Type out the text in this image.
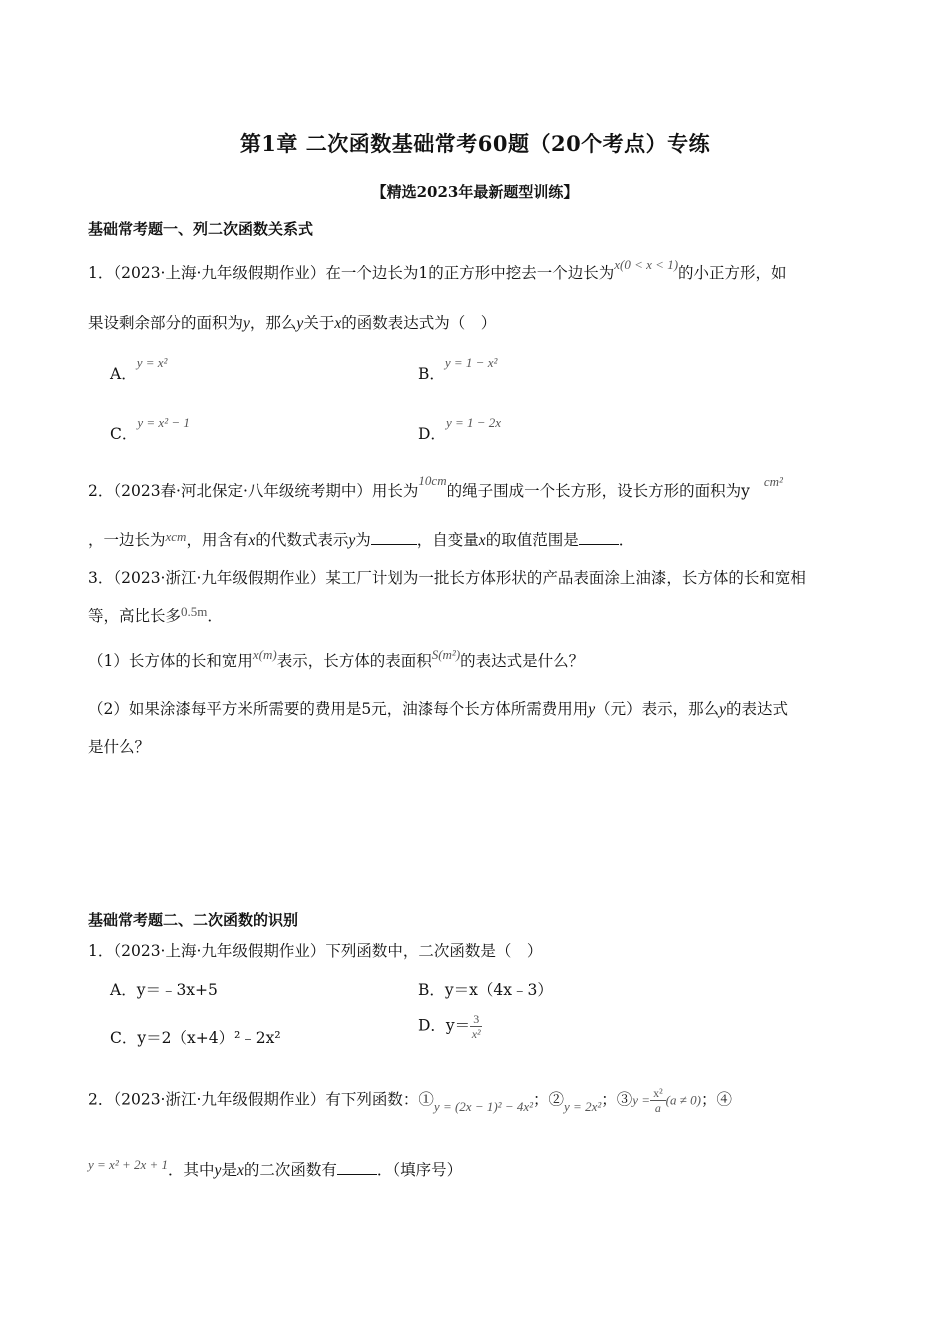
第1章 二次函数基础常考60题（20个考点）专练
【精选2023年最新题型训练】
基础常考题一、列二次函数关系式
1．（2023·上海·九年级假期作业）在一个边长为1的正方形中挖去一个边长为$^{x(0 < x < 1)}$的小正方形，如
果设剩余部分的面积为y，那么y关于x的函数表达式为（　）
A．$^{y = x^2}$
B．$^{y = 1 - x^2}$
C．$^{y = x^2 - 1}$
D．$^{y = 1 - 2x}$
2．（2023春·河北保定·八年级统考期中）用长为$^{10cm}$的绳子围成一个长方形，设长方形的面积为$y^{cm^2}$
，一边长为$^{xcm}$，用含有x的代数式表示y为	，自变量x的取值范围是	．
3．（2023·浙江·九年级假期作业）某工厂计划为一批长方体形状的产品表面涂上油漆，长方体的长和宽相
等，高比长多$^{0.5m}$．
（1）长方体的长和宽用$^{x(m)}$表示，长方体的表面积$^{S(m^2)}$的表达式是什么？
（2）如果涂漆每平方米所需要的费用是5元，油漆每个长方体所需费用用y（元）表示，那么y的表达式
是什么？
基础常考题二、二次函数的识别
1．（2023·上海·九年级假期作业）下列函数中，二次函数是（　）
A．y＝﹣3x+5	B．y＝x（4x﹣3）
C．y＝2（x+4）²﹣2x²
D．$y= \frac{3}{\text{x²}}$
2．（2023·浙江·九年级假期作业）有下列函数：$①_{y = (2x - 1)^2 - 4x^2}$；$②_{y = 2x^2}$；③y = $\frac{\text{x²}}{a} (a \ne 0)$；④
$^{y = x^2 + 2x + 1}$．其中y是x的二次函数有	．（填序号）
